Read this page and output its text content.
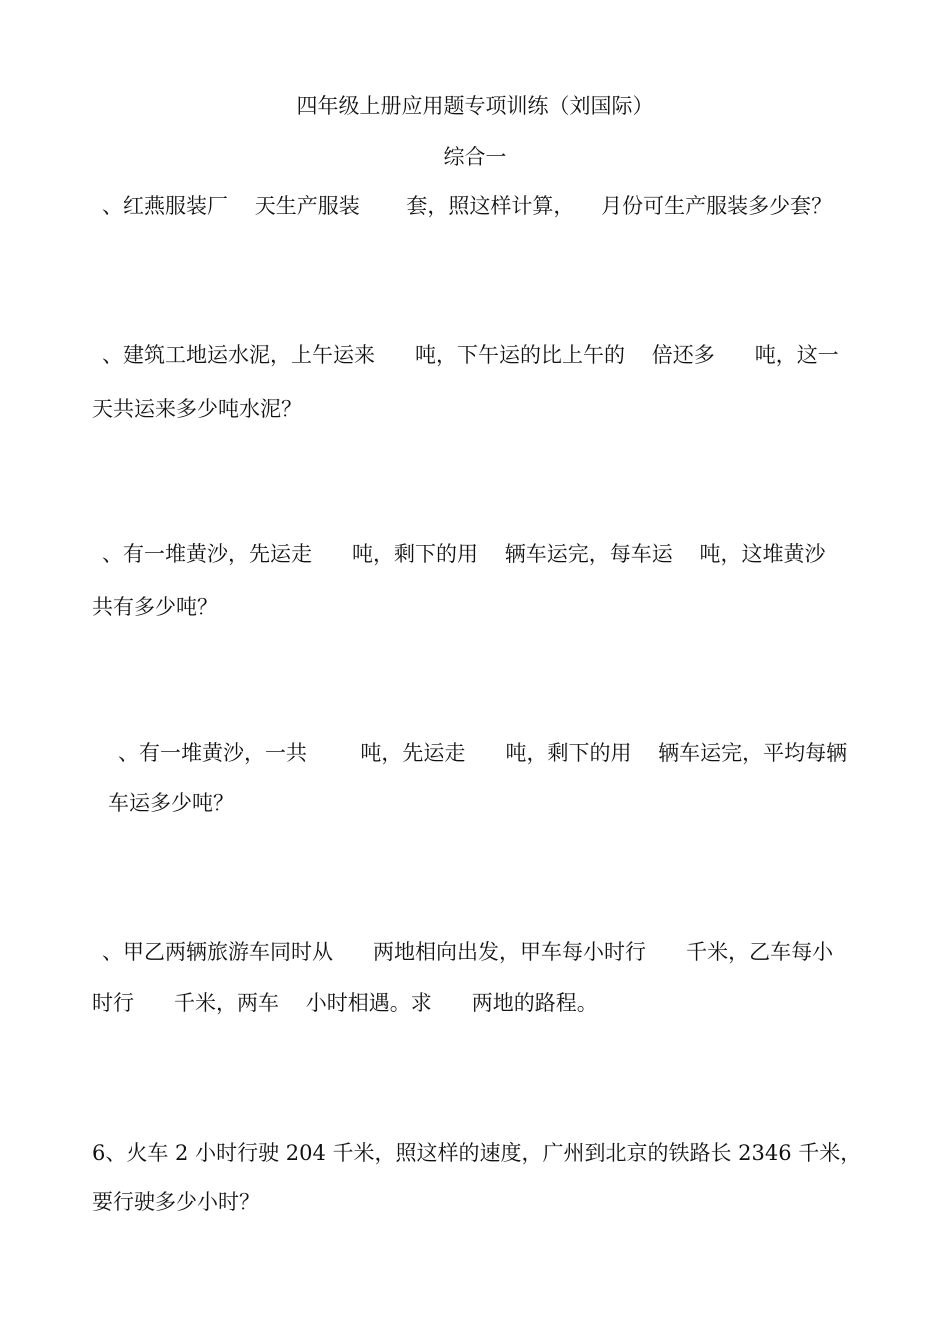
四年级上册应用题专项训练（刘国际）
综合一
、红燕服装厂    天生产服装       套，照这样计算，    月份可生产服装多少套？
、建筑工地运水泥，上午运来      吨，下午运的比上午的    倍还多      吨，这一
天共运来多少吨水泥？
、有一堆黄沙，先运走      吨，剩下的用    辆车运完，每车运    吨，这堆黄沙
共有多少吨？
、有一堆黄沙，一共        吨，先运走      吨，剩下的用    辆车运完，平均每辆
车运多少吨？
、甲乙两辆旅游车同时从      两地相向出发，甲车每小时行      千米，乙车每小
时行      千米，两车    小时相遇。求      两地的路程。
6、火车 2 小时行驶 204 千米，照这样的速度，广州到北京的铁路长 2346 千米，
要行驶多少小时？
